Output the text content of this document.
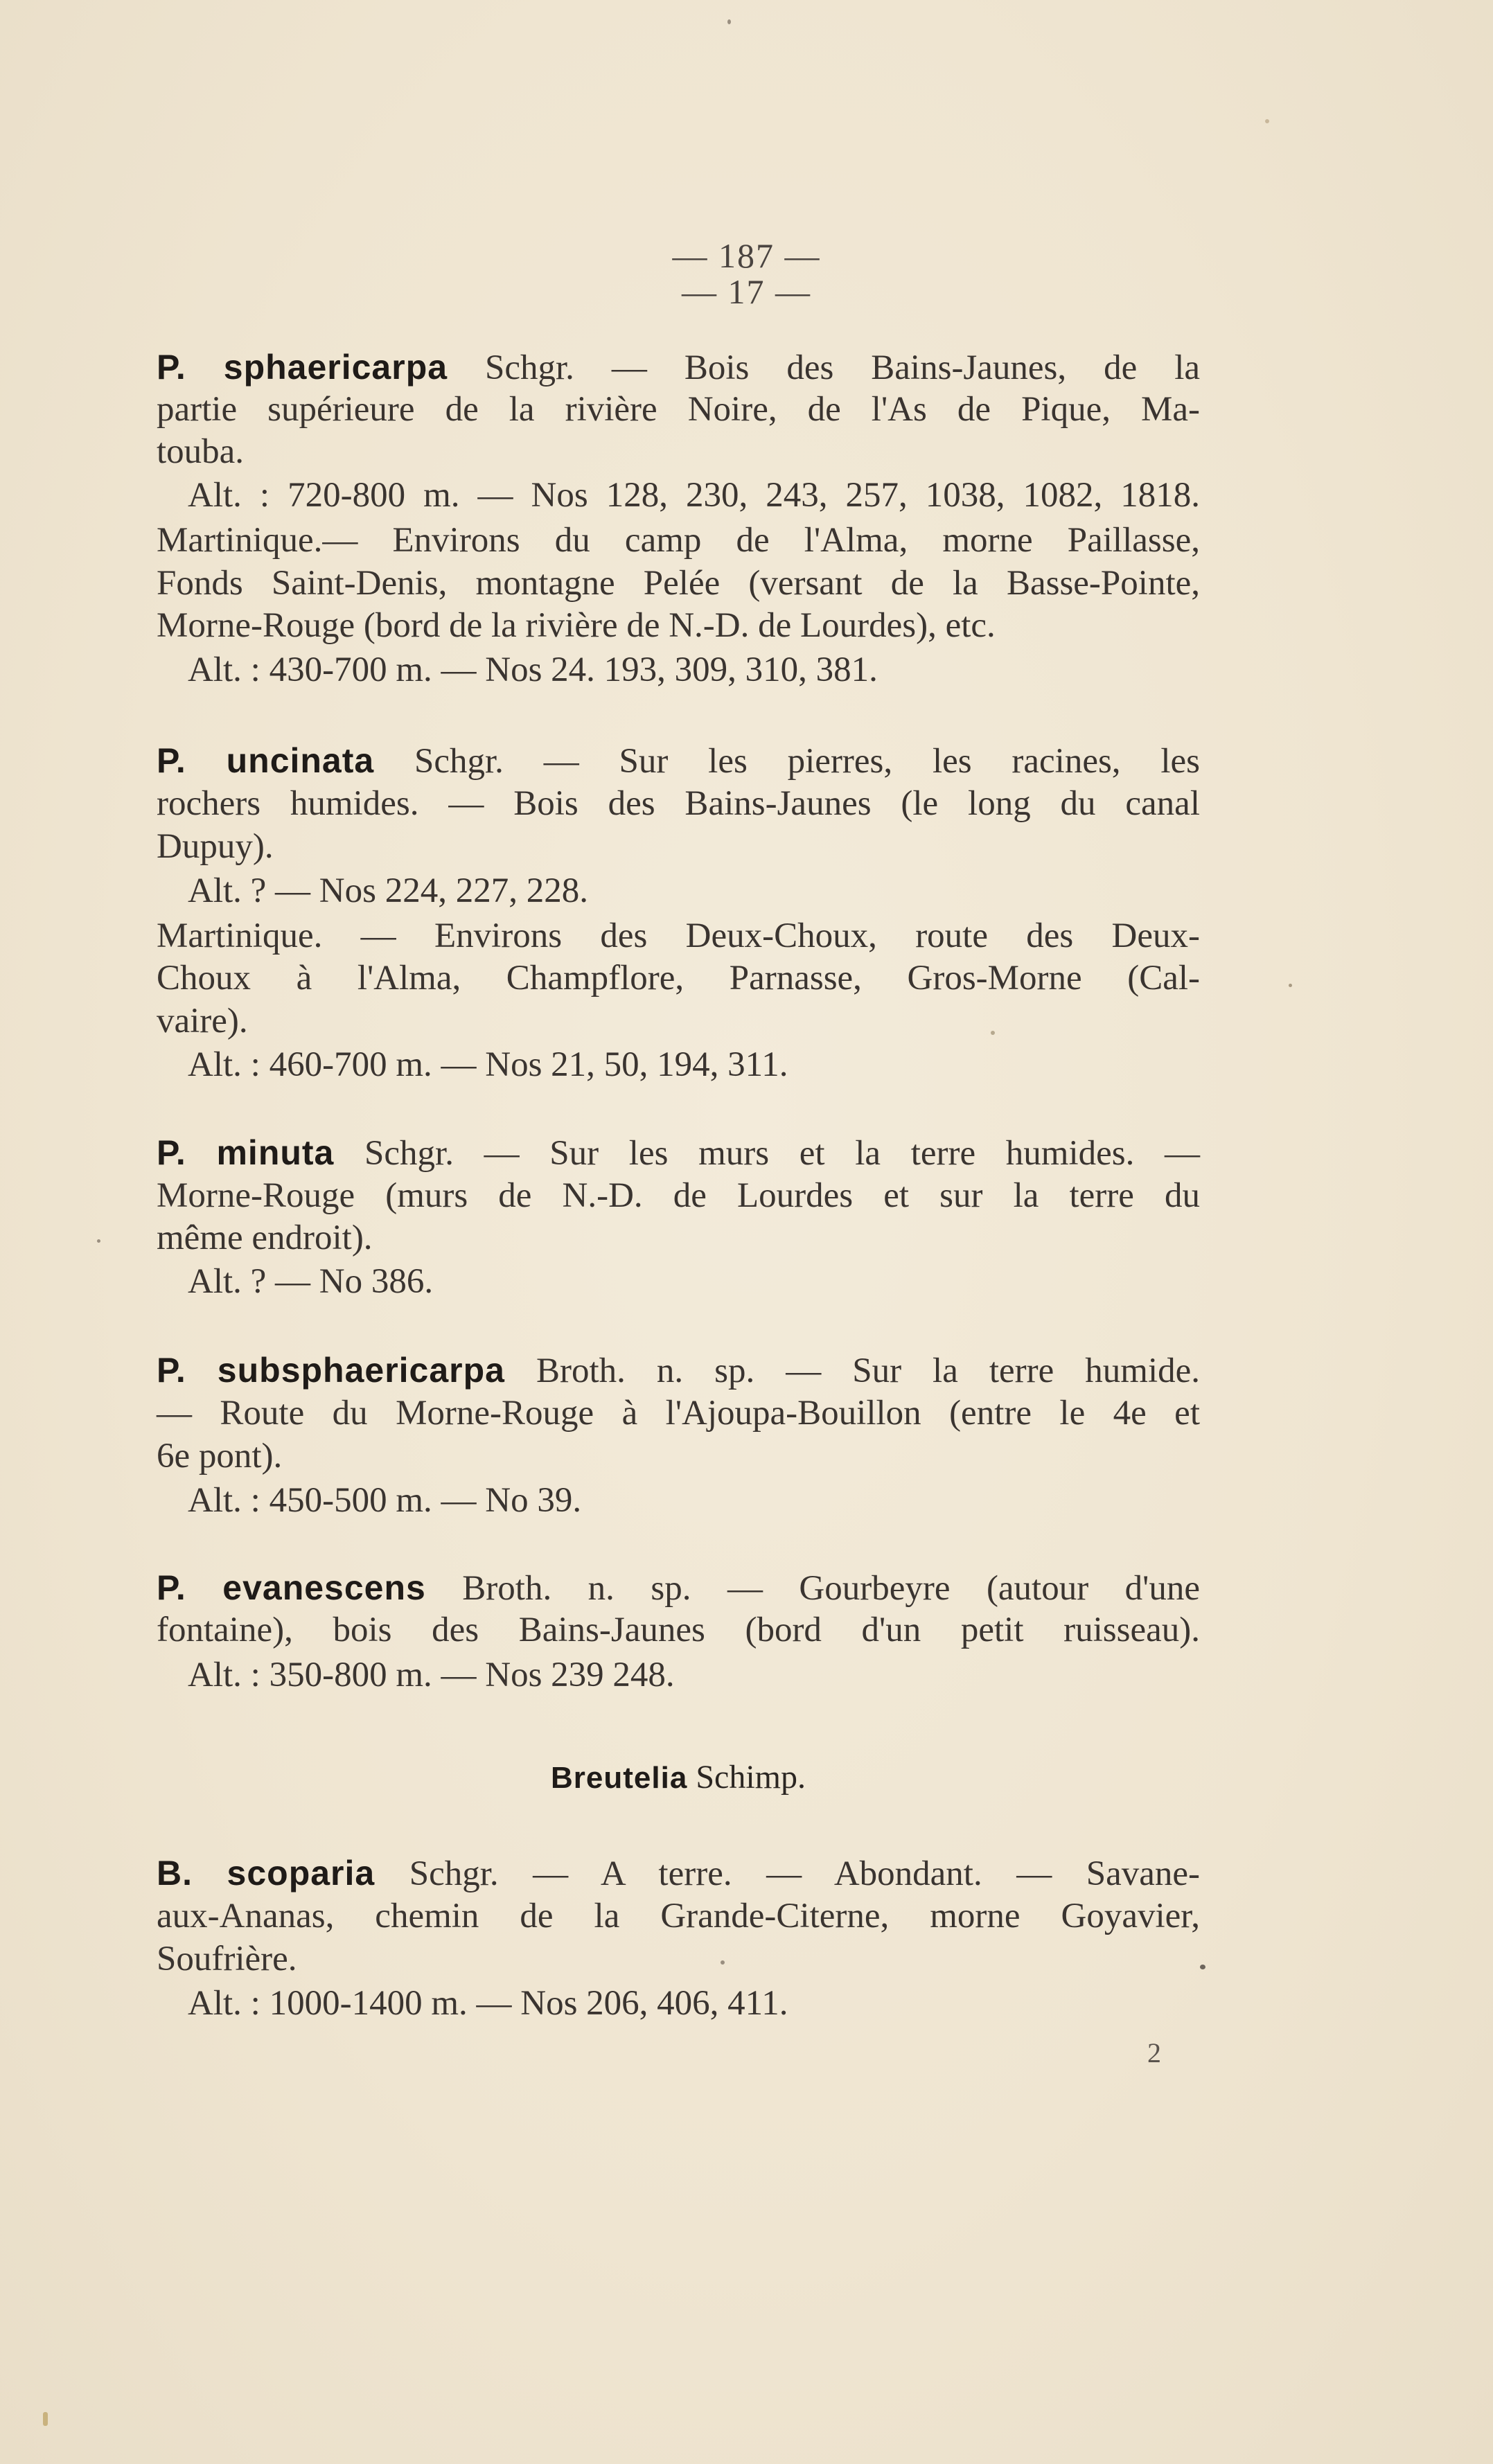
— 187 —
— 17 —
P. sphaericarpa Schgr. — Bois des Bains-Jaunes, de la
partie supérieure de la rivière Noire, de l'As de Pique, Ma-
touba.
Alt. : 720-800 m. — Nos 128, 230, 243, 257, 1038, 1082, 1818.
Martinique.— Environs du camp de l'Alma, morne Paillasse,
Fonds Saint-Denis, montagne Pelée (versant de la Basse-Pointe,
Morne-Rouge (bord de la rivière de N.-D. de Lourdes), etc.
Alt. : 430-700 m. — Nos 24. 193, 309, 310, 381.
P. uncinata Schgr. — Sur les pierres, les racines, les
rochers humides. — Bois des Bains-Jaunes (le long du canal
Dupuy).
Alt. ? — Nos 224, 227, 228.
Martinique. — Environs des Deux-Choux, route des Deux-
Choux à l'Alma, Champflore, Parnasse, Gros-Morne (Cal-
vaire).
Alt. : 460-700 m. — Nos 21, 50, 194, 311.
P. minuta Schgr. — Sur les murs et la terre humides. —
Morne-Rouge (murs de N.-D. de Lourdes et sur la terre du
même endroit).
Alt. ? — No 386.
P. subsphaericarpa Broth. n. sp. — Sur la terre humide.
— Route du Morne-Rouge à l'Ajoupa-Bouillon (entre le 4e et
6e pont).
Alt. : 450-500 m. — No 39.
P. evanescens Broth. n. sp. — Gourbeyre (autour d'une
fontaine), bois des Bains-Jaunes (bord d'un petit ruisseau).
Alt. : 350-800 m. — Nos 239 248.
Breutelia Schimp.
B. scoparia Schgr. — A terre. — Abondant. — Savane-
aux-Ananas, chemin de la Grande-Citerne, morne Goyavier,
Soufrière.
Alt. : 1000-1400 m. — Nos 206, 406, 411.
2
